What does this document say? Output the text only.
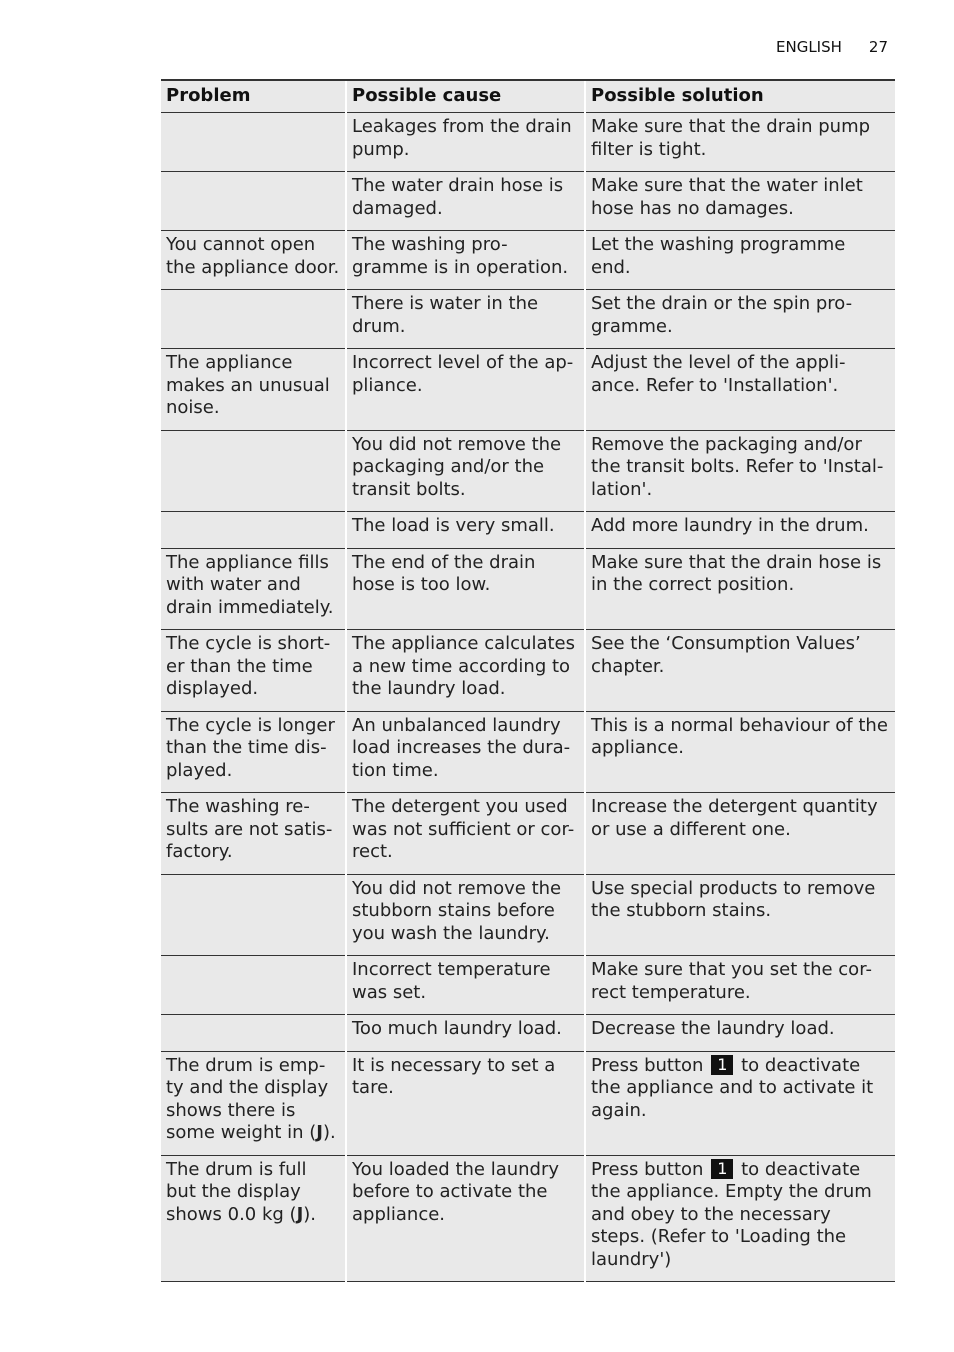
ENGLISH 27
Problem	Possible cause	Possible solution
	Leakages from the drain pump.	Make sure that the drain pump filter is tight.
	The water drain hose is damaged.	Make sure that the water inlet hose has no damages.
You cannot open the appliance door.	The washing pro-gramme is in operation.	Let the washing programme end.
	There is water in the drum.	Set the drain or the spin pro-gramme.
The appliance makes an unusual noise.	Incorrect level of the ap-pliance.	Adjust the level of the appli-ance. Refer to 'Installation'.
	You did not remove the packaging and/or the transit bolts.	Remove the packaging and/or the transit bolts. Refer to 'Instal-lation'.
	The load is very small.	Add more laundry in the drum.
The appliance fills with water and drain immediately.	The end of the drain hose is too low.	Make sure that the drain hose is in the correct position.
The cycle is short-er than the time displayed.	The appliance calculates a new time according to the laundry load.	See the ‘Consumption Values’ chapter.
The cycle is longer than the time dis-played.	An unbalanced laundry load increases the dura-tion time.	This is a normal behaviour of the appliance.
The washing re-sults are not satis-factory.	The detergent you used was not sufficient or cor-rect.	Increase the detergent quantity or use a different one.
	You did not remove the stubborn stains before you wash the laundry.	Use special products to remove the stubborn stains.
	Incorrect temperature was set.	Make sure that you set the cor-rect temperature.
	Too much laundry load.	Decrease the laundry load.
The drum is emp-ty and the display shows there is some weight in (J).	It is necessary to set a tare.	Press button 1 to deactivate the appliance and to activate it again.
The drum is full but the display shows 0.0 kg (J).	You loaded the laundry before to activate the appliance.	Press button 1 to deactivate the appliance. Empty the drum and obey to the necessary steps. (Refer to 'Loading the laundry')
